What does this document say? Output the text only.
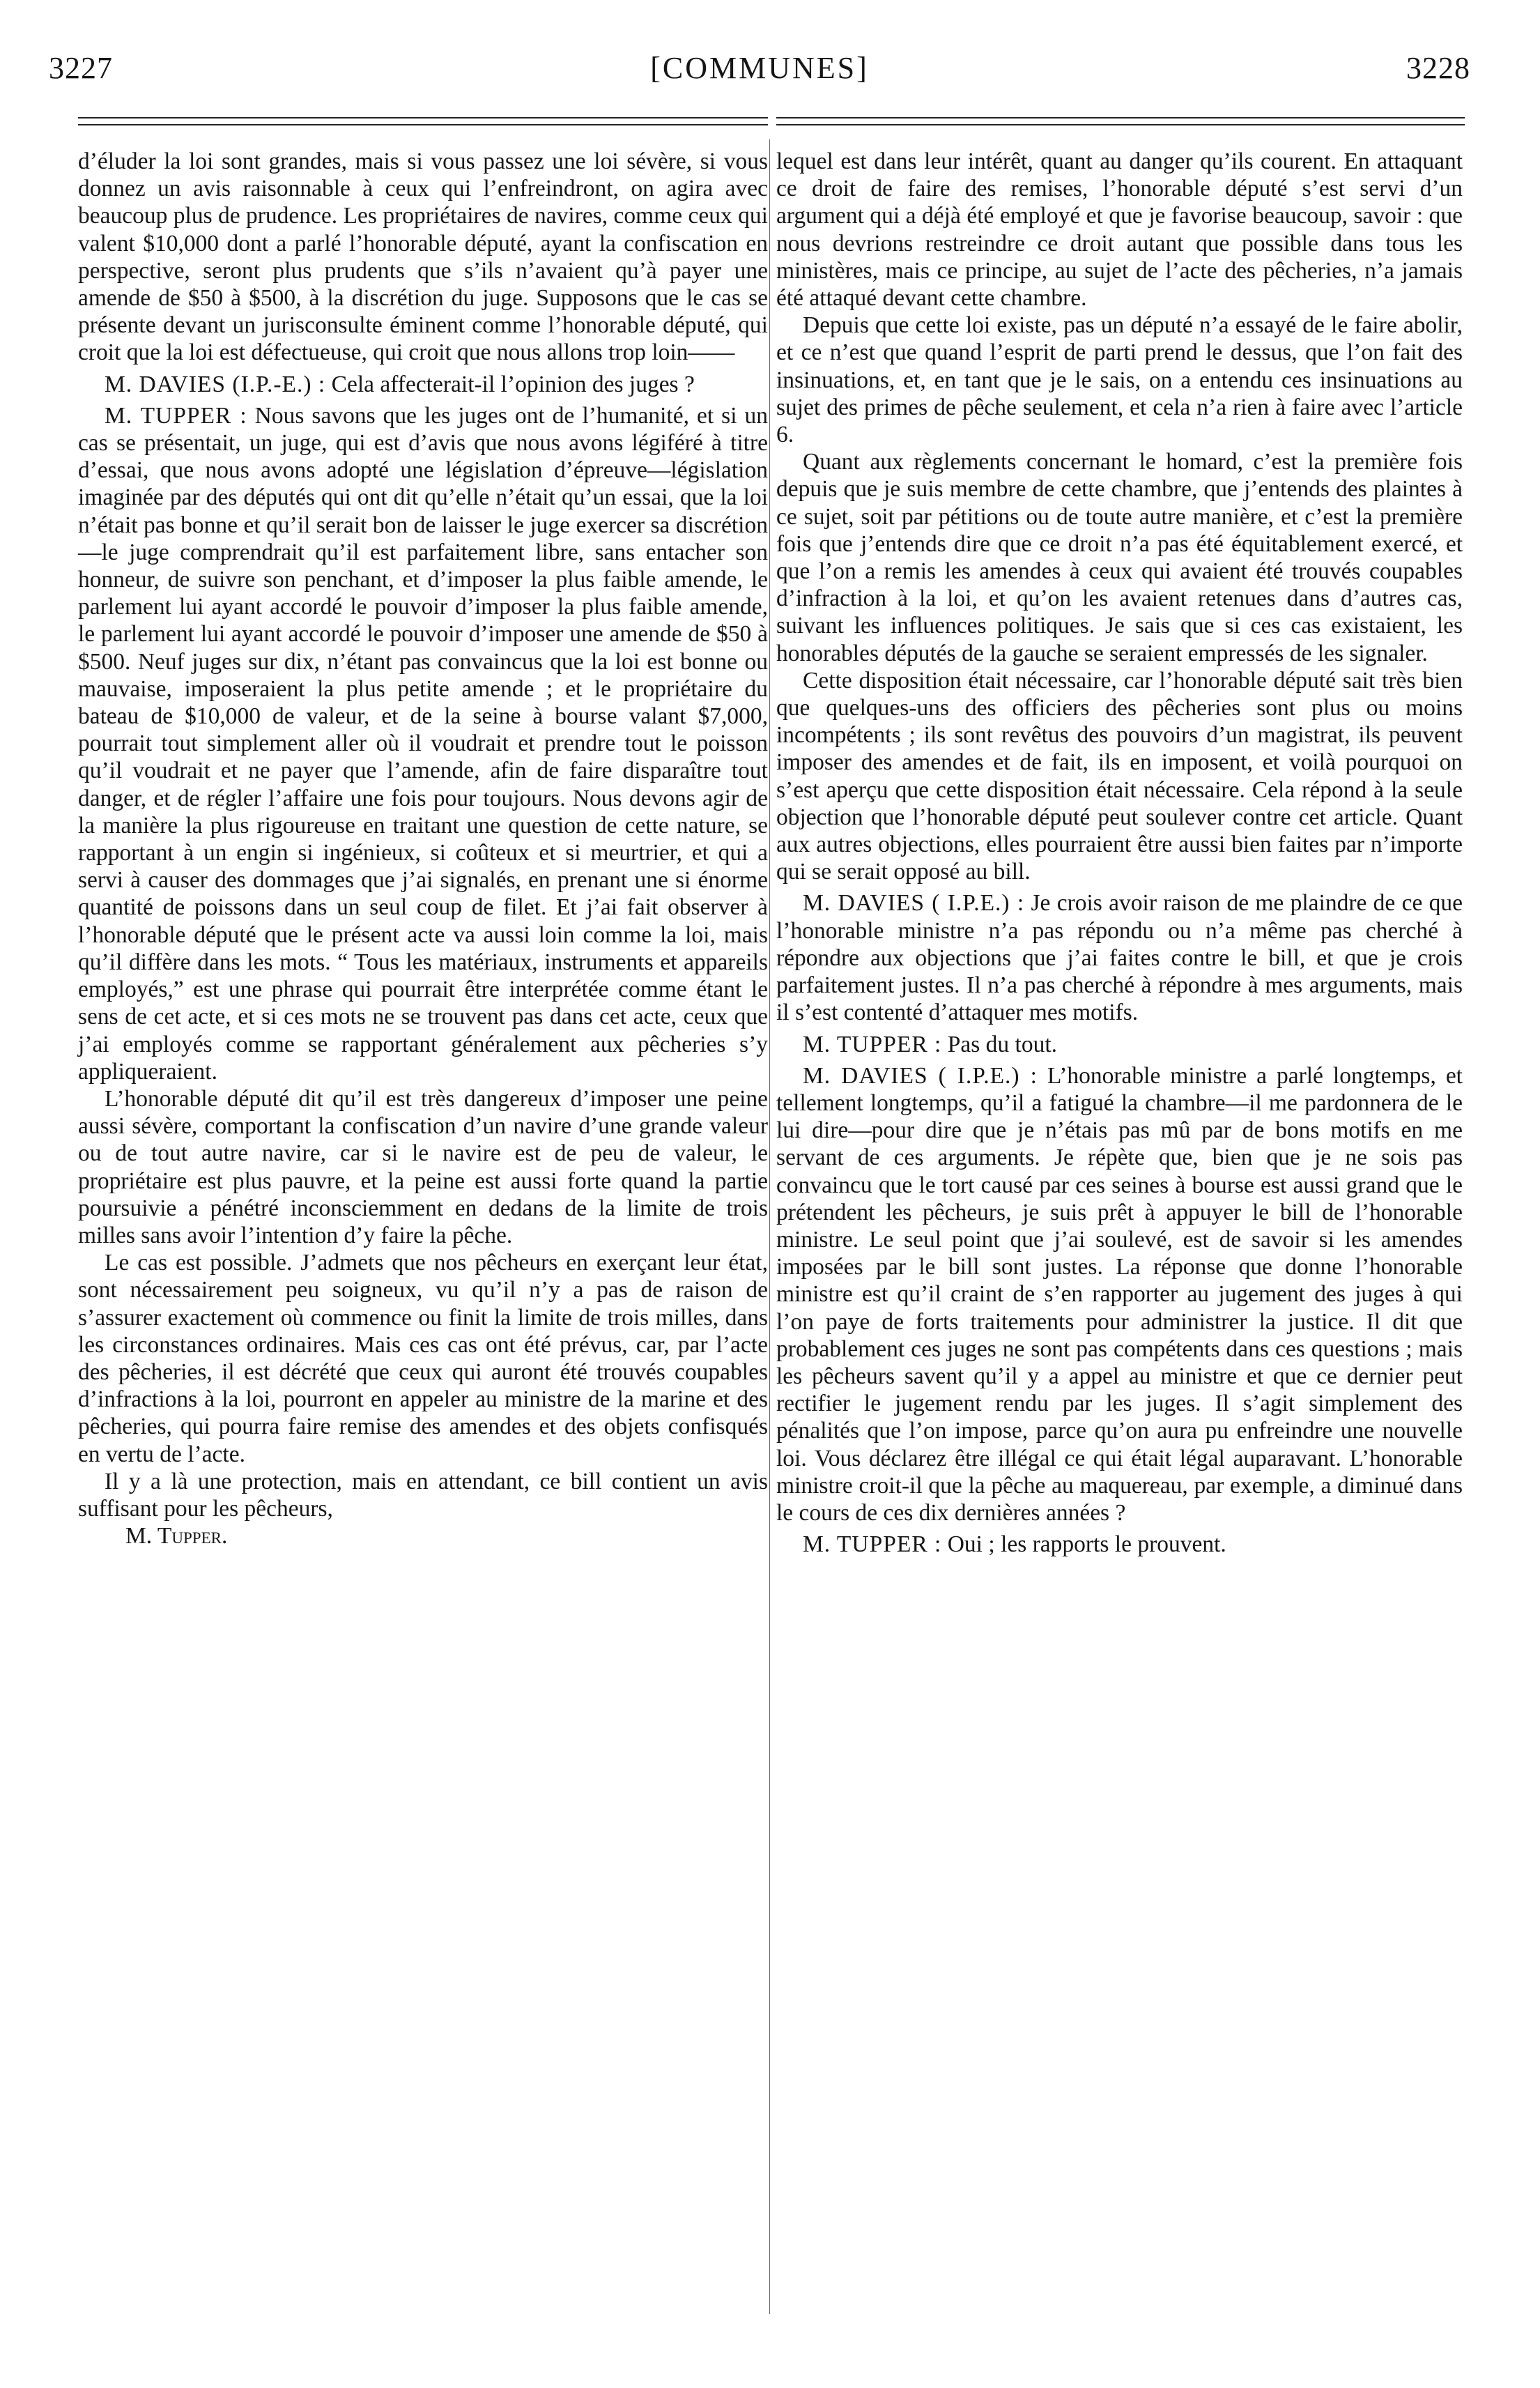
3227	[COMMUNES]	3228

d’éluder la loi sont grandes, mais si vous passez une loi sévère, si vous donnez un avis raisonnable à ceux qui l’enfreindront, on agira avec beaucoup plus de prudence. Les propriétaires de navires, comme ceux qui valent $10,000 dont a parlé l’honorable député, ayant la confiscation en perspective, seront plus prudents que s’ils n’avaient qu’à payer une amende de $50 à $500, à la discrétion du juge. Supposons que le cas se présente devant un jurisconsulte éminent comme l’honorable député, qui croit que la loi est défectueuse, qui croit que nous allons trop loin——

M. DAVIES (I.P.-E.) : Cela affecterait-il l’opinion des juges ?

M. TUPPER : Nous savons que les juges ont de l’humanité, et si un cas se présentait, un juge, qui est d’avis que nous avons légiféré à titre d’essai, que nous avons adopté une législation d’épreuve—législation imaginée par des députés qui ont dit qu’elle n’était qu’un essai, que la loi n’était pas bonne et qu’il serait bon de laisser le juge exercer sa discrétion—le juge comprendrait qu’il est parfaitement libre, sans entacher son honneur, de suivre son penchant, et d’imposer la plus faible amende, le parlement lui ayant accordé le pouvoir d’imposer la plus faible amende, le parlement lui ayant accordé le pouvoir d’imposer une amende de $50 à $500. Neuf juges sur dix, n’étant pas convaincus que la loi est bonne ou mauvaise, imposeraient la plus petite amende ; et le propriétaire du bateau de $10,000 de valeur, et de la seine à bourse valant $7,000, pourrait tout simplement aller où il voudrait et prendre tout le poisson qu’il voudrait et ne payer que l’amende, afin de faire disparaître tout danger, et de régler l’affaire une fois pour toujours. Nous devons agir de la manière la plus rigoureuse en traitant une question de cette nature, se rapportant à un engin si ingénieux, si coûteux et si meurtrier, et qui a servi à causer des dommages que j’ai signalés, en prenant une si énorme quantité de poissons dans un seul coup de filet. Et j’ai fait observer à l’honorable député que le présent acte va aussi loin comme la loi, mais qu’il diffère dans les mots. “ Tous les matériaux, instruments et appareils employés,” est une phrase qui pourrait être interprétée comme étant le sens de cet acte, et si ces mots ne se trouvent pas dans cet acte, ceux que j’ai employés comme se rapportant généralement aux pêcheries s’y appliqueraient.

L’honorable député dit qu’il est très dangereux d’imposer une peine aussi sévère, comportant la confiscation d’un navire d’une grande valeur ou de tout autre navire, car si le navire est de peu de valeur, le propriétaire est plus pauvre, et la peine est aussi forte quand la partie poursuivie a pénétré inconsciemment en dedans de la limite de trois milles sans avoir l’intention d’y faire la pêche.

Le cas est possible. J’admets que nos pêcheurs en exerçant leur état, sont nécessairement peu soigneux, vu qu’il n’y a pas de raison de s’assurer exactement où commence ou finit la limite de trois milles, dans les circonstances ordinaires. Mais ces cas ont été prévus, car, par l’acte des pêcheries, il est décrété que ceux qui auront été trouvés coupables d’infractions à la loi, pourront en appeler au ministre de la marine et des pêcheries, qui pourra faire remise des amendes et des objets confisqués en vertu de l’acte.

Il y a là une protection, mais en attendant, ce bill contient un avis suffisant pour les pêcheurs,

M. Tupper.

lequel est dans leur intérêt, quant au danger qu’ils courent. En attaquant ce droit de faire des remises, l’honorable député s’est servi d’un argument qui a déjà été employé et que je favorise beaucoup, savoir : que nous devrions restreindre ce droit autant que possible dans tous les ministères, mais ce principe, au sujet de l’acte des pêcheries, n’a jamais été attaqué devant cette chambre.

Depuis que cette loi existe, pas un député n’a essayé de le faire abolir, et ce n’est que quand l’esprit de parti prend le dessus, que l’on fait des insinuations, et, en tant que je le sais, on a entendu ces insinuations au sujet des primes de pêche seulement, et cela n’a rien à faire avec l’article 6.

Quant aux règlements concernant le homard, c’est la première fois depuis que je suis membre de cette chambre, que j’entends des plaintes à ce sujet, soit par pétitions ou de toute autre manière, et c’est la première fois que j’entends dire que ce droit n’a pas été équitablement exercé, et que l’on a remis les amendes à ceux qui avaient été trouvés coupables d’infraction à la loi, et qu’on les avaient retenues dans d’autres cas, suivant les influences politiques. Je sais que si ces cas existaient, les honorables députés de la gauche se seraient empressés de les signaler.

Cette disposition était nécessaire, car l’honorable député sait très bien que quelques-uns des officiers des pêcheries sont plus ou moins incompétents ; ils sont revêtus des pouvoirs d’un magistrat, ils peuvent imposer des amendes et de fait, ils en imposent, et voilà pourquoi on s’est aperçu que cette disposition était nécessaire. Cela répond à la seule objection que l’honorable député peut soulever contre cet article. Quant aux autres objections, elles pourraient être aussi bien faites par n’importe qui se serait opposé au bill.

M. DAVIES ( I.P.E.) : Je crois avoir raison de me plaindre de ce que l’honorable ministre n’a pas répondu ou n’a même pas cherché à répondre aux objections que j’ai faites contre le bill, et que je crois parfaitement justes. Il n’a pas cherché à répondre à mes arguments, mais il s’est contenté d’attaquer mes motifs.

M. TUPPER : Pas du tout.

M. DAVIES ( I.P.E.) : L’honorable ministre a parlé longtemps, et tellement longtemps, qu’il a fatigué la chambre—il me pardonnera de le lui dire—pour dire que je n’étais pas mû par de bons motifs en me servant de ces arguments. Je répète que, bien que je ne sois pas convaincu que le tort causé par ces seines à bourse est aussi grand que le prétendent les pêcheurs, je suis prêt à appuyer le bill de l’honorable ministre. Le seul point que j’ai soulevé, est de savoir si les amendes imposées par le bill sont justes. La réponse que donne l’honorable ministre est qu’il craint de s’en rapporter au jugement des juges à qui l’on paye de forts traitements pour administrer la justice. Il dit que probablement ces juges ne sont pas compétents dans ces questions ; mais les pêcheurs savent qu’il y a appel au ministre et que ce dernier peut rectifier le jugement rendu par les juges. Il s’agit simplement des pénalités que l’on impose, parce qu’on aura pu enfreindre une nouvelle loi. Vous déclarez être illégal ce qui était légal auparavant. L’honorable ministre croit-il que la pêche au maquereau, par exemple, a diminué dans le cours de ces dix dernières années ?

M. TUPPER : Oui ; les rapports le prouvent.
